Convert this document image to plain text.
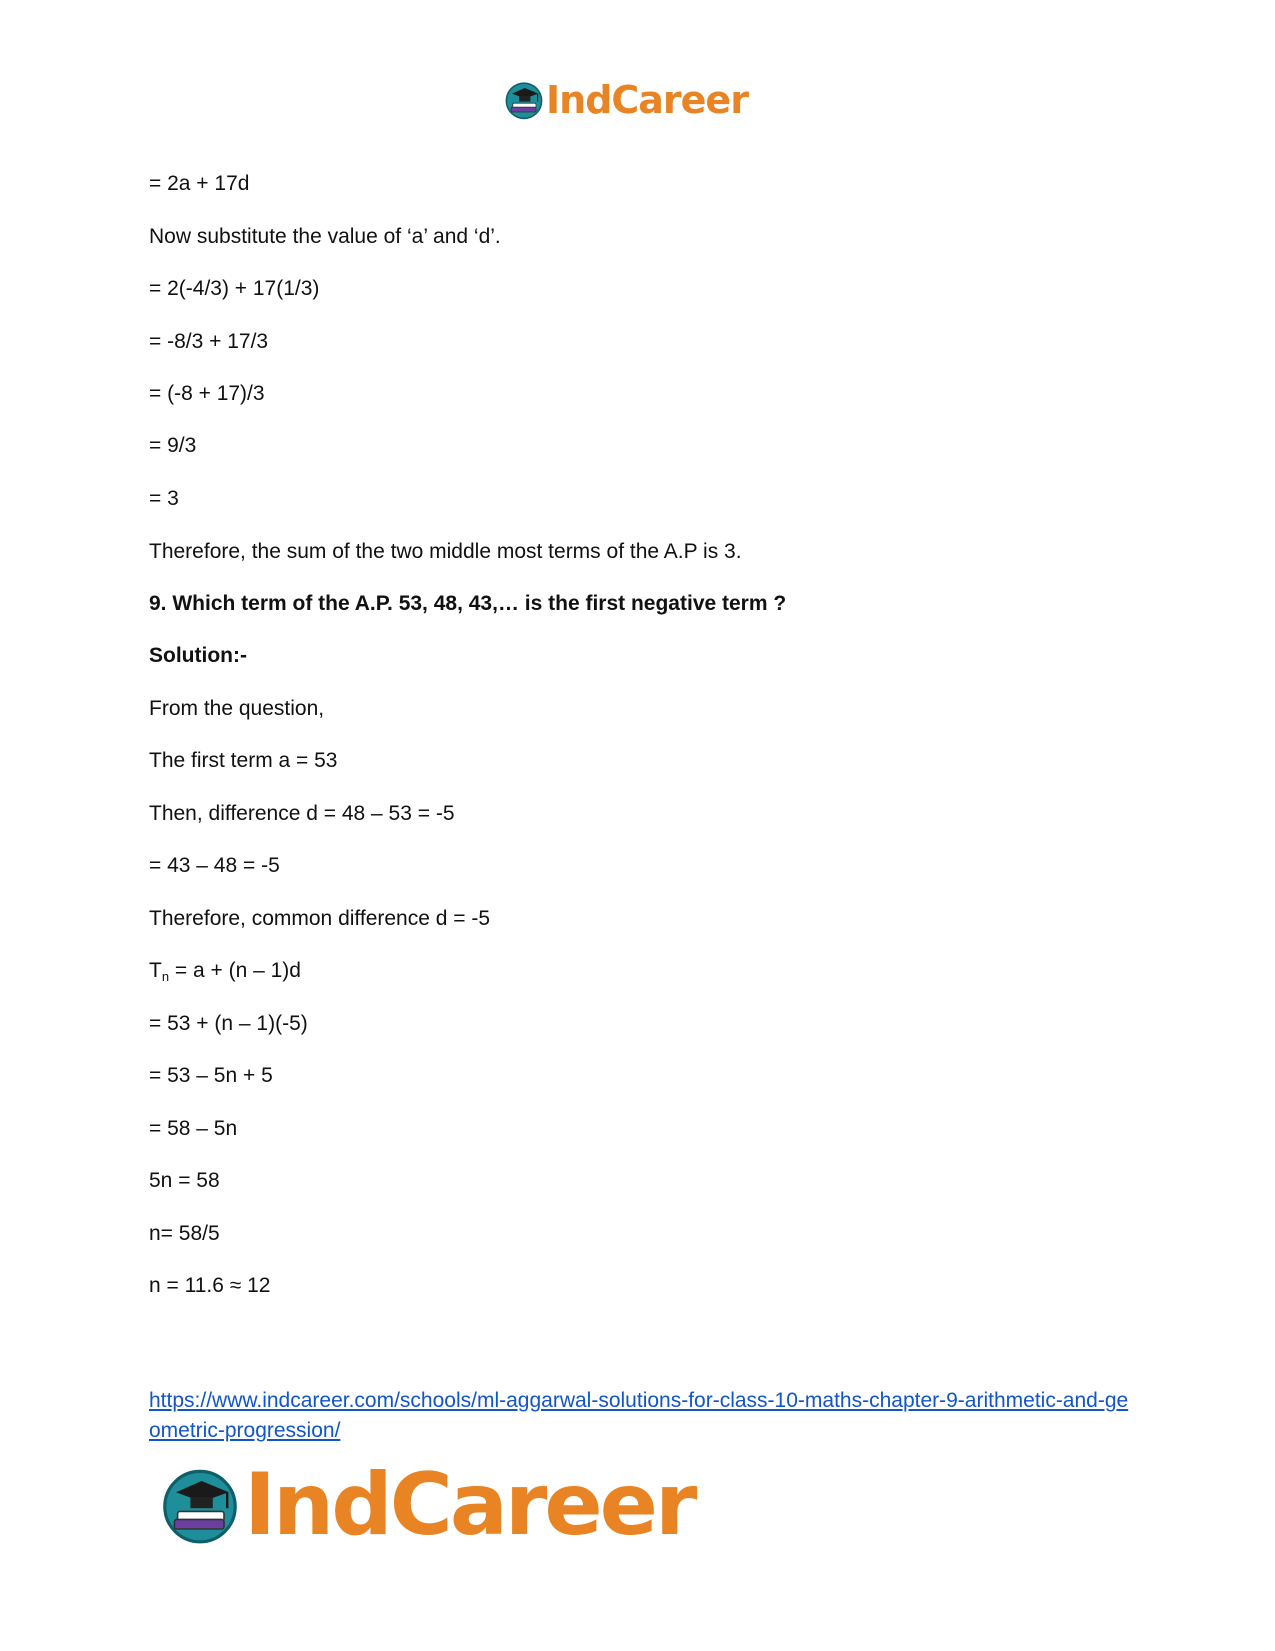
IndCareer
= 2a + 17d
Now substitute the value of ‘a’ and ‘d’.
= 2(-4/3) + 17(1/3)
= -8/3 + 17/3
= (-8 + 17)/3
= 9/3
= 3
Therefore, the sum of the two middle most terms of the A.P is 3.
9. Which term of the A.P. 53, 48, 43,… is the first negative term ?
Solution:-
From the question,
The first term a = 53
Then, difference d = 48 – 53 = -5
= 43 – 48 = -5
Therefore, common difference d = -5
$T_n = a + (n - 1)d$
= 53 + (n – 1)(-5)
= 53 – 5n + 5
= 58 – 5n
5n = 58
n= 58/5
n = 11.6 ≈ 12
https://www.indcareer.com/schools/ml-aggarwal-solutions-for-class-10-maths-chapter-9-arithmetic-and-geometric-progression/
IndCareer
